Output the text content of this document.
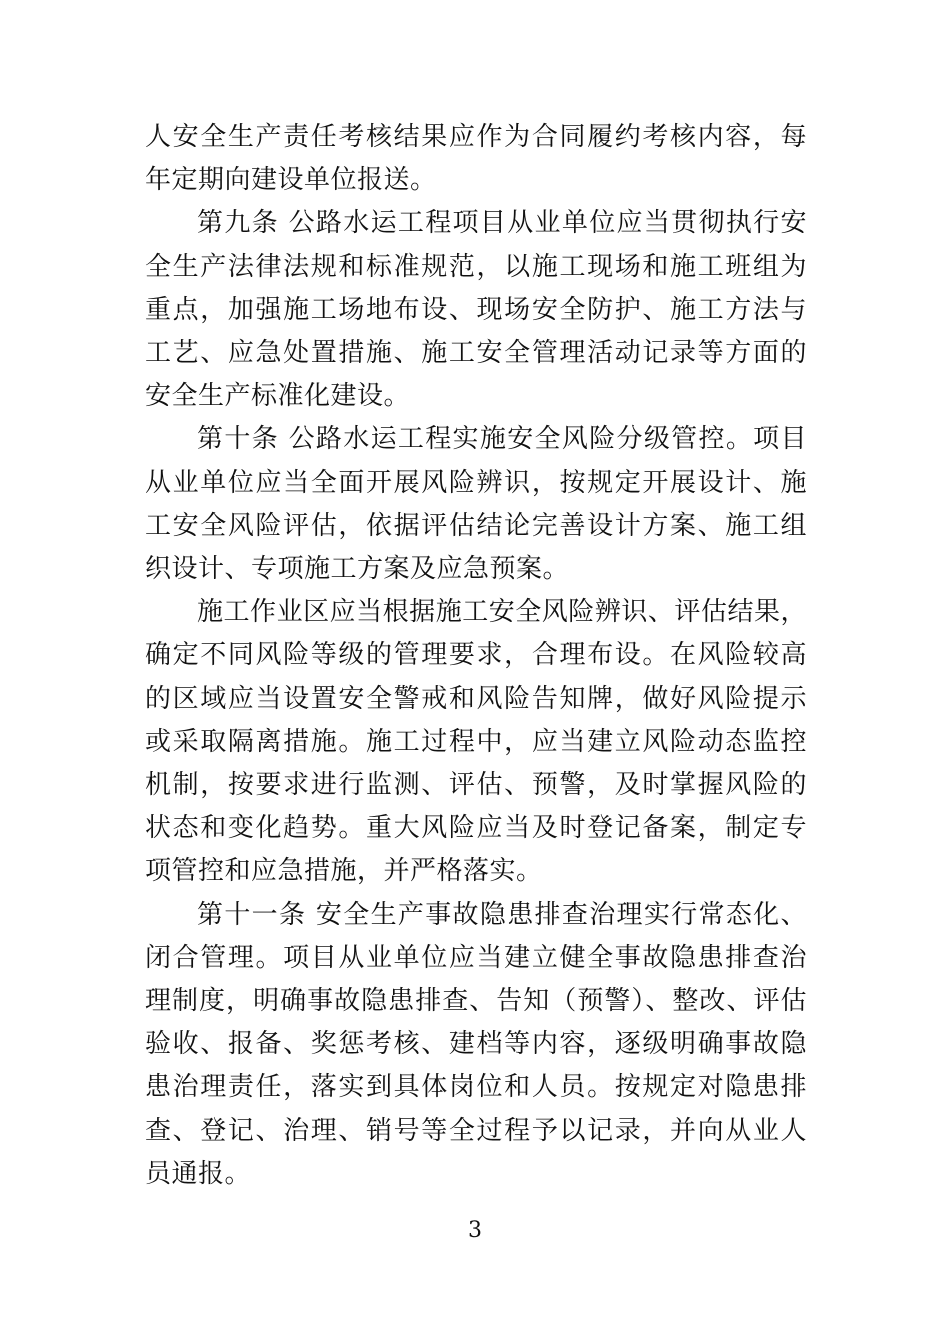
人安全生产责任考核结果应作为合同履约考核内容，每年定期向建设单位报送。

第九条 公路水运工程项目从业单位应当贯彻执行安全生产法律法规和标准规范，以施工现场和施工班组为重点，加强施工场地布设、现场安全防护、施工方法与工艺、应急处置措施、施工安全管理活动记录等方面的安全生产标准化建设。

第十条 公路水运工程实施安全风险分级管控。项目从业单位应当全面开展风险辨识，按规定开展设计、施工安全风险评估，依据评估结论完善设计方案、施工组织设计、专项施工方案及应急预案。

施工作业区应当根据施工安全风险辨识、评估结果，确定不同风险等级的管理要求，合理布设。在风险较高的区域应当设置安全警戒和风险告知牌，做好风险提示或采取隔离措施。施工过程中，应当建立风险动态监控机制，按要求进行监测、评估、预警，及时掌握风险的状态和变化趋势。重大风险应当及时登记备案，制定专项管控和应急措施，并严格落实。

第十一条 安全生产事故隐患排查治理实行常态化、闭合管理。项目从业单位应当建立健全事故隐患排查治理制度，明确事故隐患排查、告知（预警）、整改、评估验收、报备、奖惩考核、建档等内容，逐级明确事故隐患治理责任，落实到具体岗位和人员。按规定对隐患排查、登记、治理、销号等全过程予以记录，并向从业人员通报。

3
